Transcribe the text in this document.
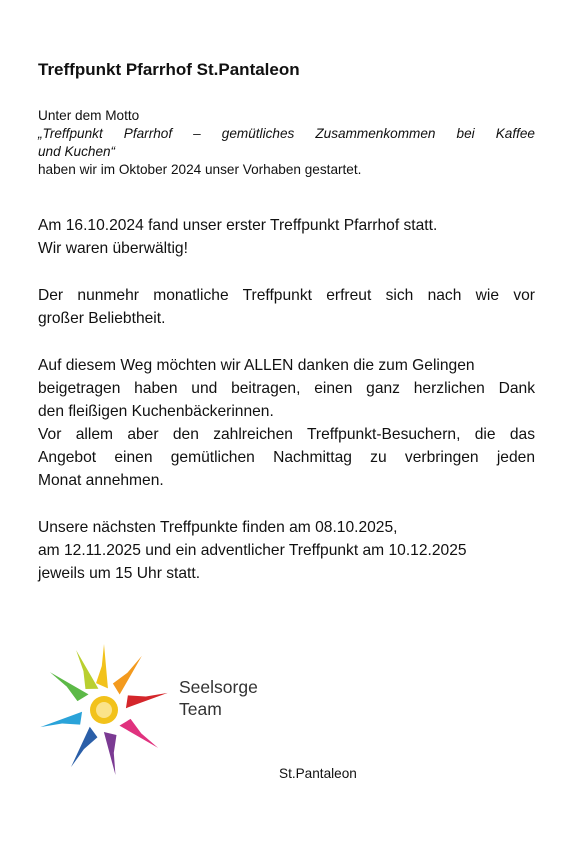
Treffpunkt Pfarrhof St.Pantaleon
Unter dem Motto
„Treffpunkt Pfarrhof – gemütliches Zusammenkommen bei Kaffee
und Kuchen“
haben wir im Oktober 2024 unser Vorhaben gestartet.
Am 16.10.2024 fand unser erster Treffpunkt Pfarrhof statt.
Wir waren überwältig!
Der nunmehr monatliche Treffpunkt erfreut sich nach wie vor
großer Beliebtheit.
Auf diesem Weg möchten wir ALLEN danken die zum Gelingen
beigetragen haben und beitragen, einen ganz herzlichen Dank
den fleißigen Kuchenbäckerinnen.
Vor allem aber den zahlreichen Treffpunkt-Besuchern, die das
Angebot einen gemütlichen Nachmittag zu verbringen jeden
Monat annehmen.
Unsere nächsten Treffpunkte finden am 08.10.2025,
am 12.11.2025 und ein adventlicher Treffpunkt am 10.12.2025
jeweils um 15 Uhr statt.
Seelsorge
Team
St.Pantaleon
